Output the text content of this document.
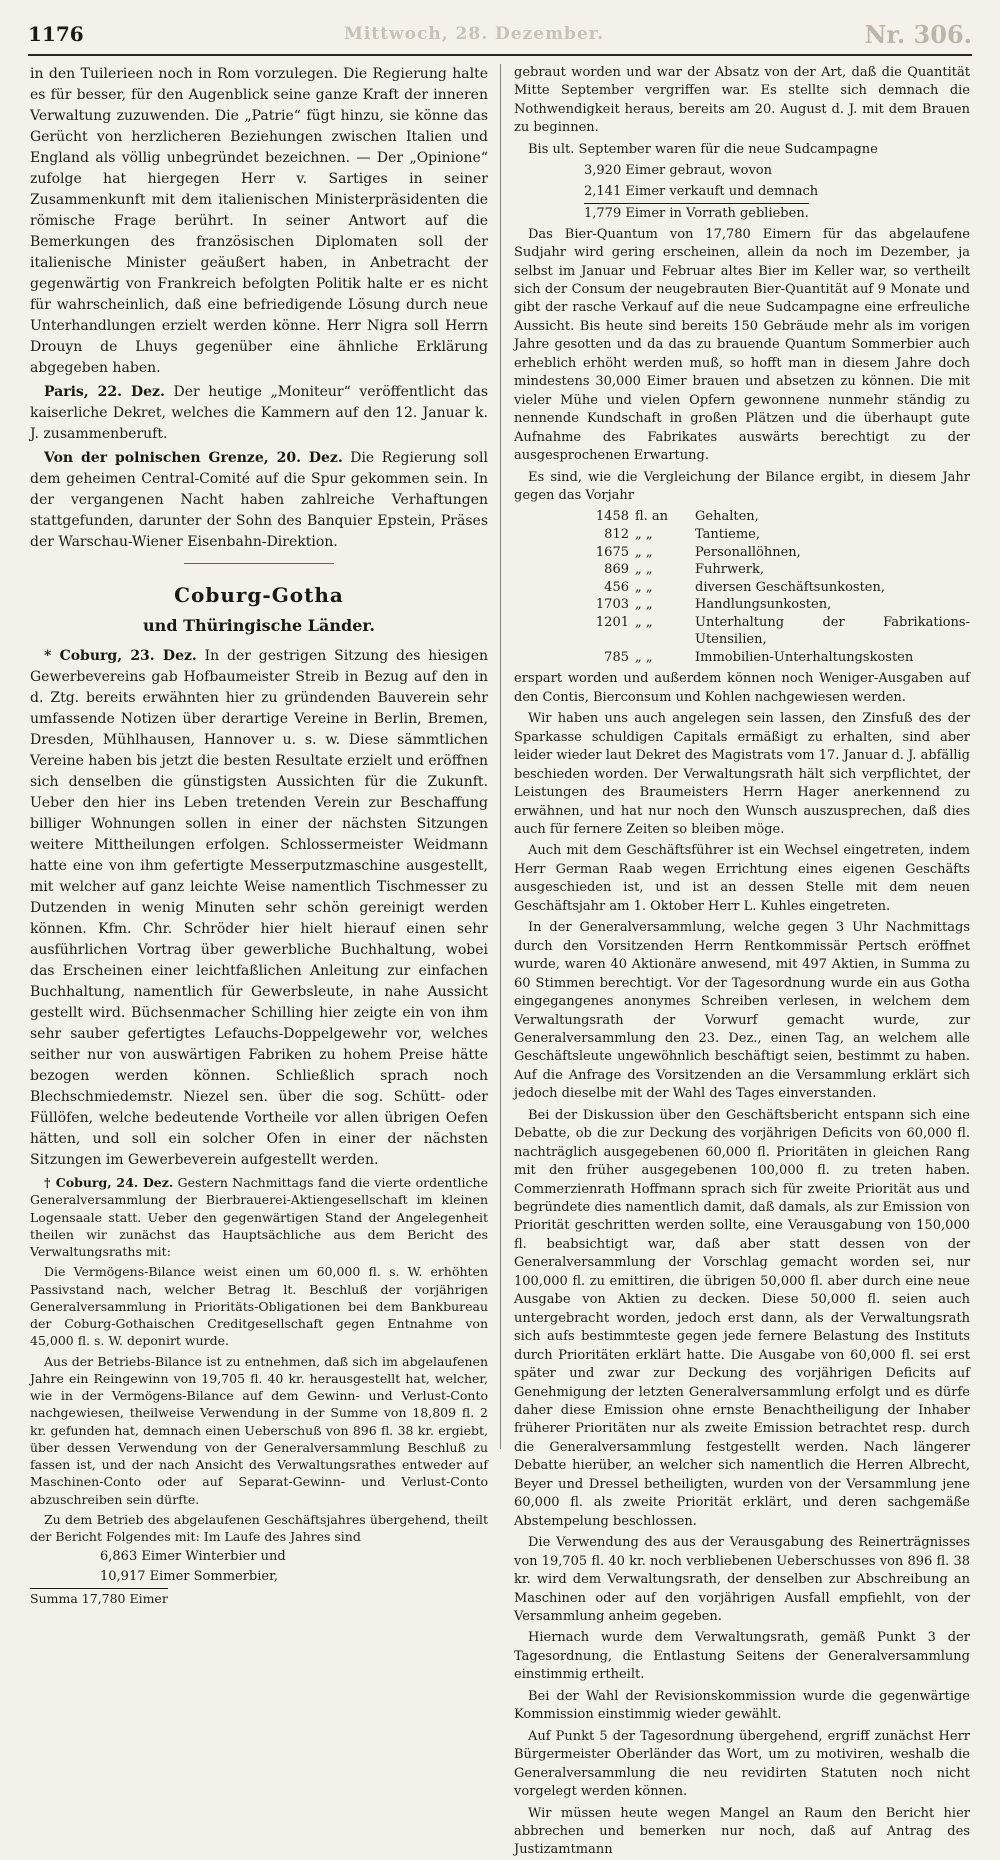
1176	Mittwoch, 28. Dezember.	Nr. 306.

in den Tuilerieen noch in Rom vorzulegen. Die Regierung halte es für besser, für den Augenblick seine ganze Kraft der inneren Verwaltung zuzuwenden. Die „Patrie“ fügt hinzu, sie könne das Gerücht von herzlicheren Beziehungen zwischen Italien und England als völlig unbegründet bezeichnen. — Der „Opinione“ zufolge hat hiergegen Herr v. Sartiges in seiner Zusammenkunft mit dem italienischen Ministerpräsidenten die römische Frage berührt. In seiner Antwort auf die Bemerkungen des französischen Diplomaten soll der italienische Minister geäußert haben, in Anbetracht der gegenwärtig von Frankreich befolgten Politik halte er es nicht für wahrscheinlich, daß eine befriedigende Lösung durch neue Unterhandlungen erzielt werden könne. Herr Nigra soll Herrn Drouyn de Lhuys gegenüber eine ähnliche Erklärung abgegeben haben.

Paris, 22. Dez. Der heutige „Moniteur“ veröffentlicht das kaiserliche Dekret, welches die Kammern auf den 12. Januar k. J. zusammenberuft.

Von der polnischen Grenze, 20. Dez. Die Regierung soll dem geheimen Central-Comité auf die Spur gekommen sein. In der vergangenen Nacht haben zahlreiche Verhaftungen stattgefunden, darunter der Sohn des Banquier Epstein, Präses der Warschau-Wiener Eisenbahn-Direktion.

Coburg-Gotha
und Thüringische Länder.

* Coburg, 23. Dez. In der gestrigen Sitzung des hiesigen Gewerbevereins gab Hofbaumeister Streib in Bezug auf den in d. Ztg. bereits erwähnten hier zu gründenden Bauverein sehr umfassende Notizen über derartige Vereine in Berlin, Bremen, Dresden, Mühlhausen, Hannover u. s. w. Diese sämmtlichen Vereine haben bis jetzt die besten Resultate erzielt und eröffnen sich denselben die günstigsten Aussichten für die Zukunft. Ueber den hier ins Leben tretenden Verein zur Beschaffung billiger Wohnungen sollen in einer der nächsten Sitzungen weitere Mittheilungen erfolgen. Schlossermeister Weidmann hatte eine von ihm gefertigte Messerputzmaschine ausgestellt, mit welcher auf ganz leichte Weise namentlich Tischmesser zu Dutzenden in wenig Minuten sehr schön gereinigt werden können. Kfm. Chr. Schröder hier hielt hierauf einen sehr ausführlichen Vortrag über gewerbliche Buchhaltung, wobei das Erscheinen einer leichtfaßlichen Anleitung zur einfachen Buchhaltung, namentlich für Gewerbsleute, in nahe Aussicht gestellt wird. Büchsenmacher Schilling hier zeigte ein von ihm sehr sauber gefertigtes Lefauchs-Doppelgewehr vor, welches seither nur von auswärtigen Fabriken zu hohem Preise hätte bezogen werden können. Schließlich sprach noch Blechschmiedemstr. Niezel sen. über die sog. Schütt- oder Füllöfen, welche bedeutende Vortheile vor allen übrigen Oefen hätten, und soll ein solcher Ofen in einer der nächsten Sitzungen im Gewerbeverein aufgestellt werden.

† Coburg, 24. Dez. Gestern Nachmittags fand die vierte ordentliche Generalversammlung der Bierbrauerei-Aktiengesellschaft im kleinen Logensaale statt. Ueber den gegenwärtigen Stand der Angelegenheit theilen wir zunächst das Hauptsächliche aus dem Bericht des Verwaltungsraths mit:

Die Vermögens-Bilance weist einen um 60,000 fl. s. W. erhöhten Passivstand nach, welcher Betrag lt. Beschluß der vorjährigen Generalversammlung in Prioritäts-Obligationen bei dem Bankbureau der Coburg-Gothaischen Creditgesellschaft gegen Entnahme von 45,000 fl. s. W. deponirt wurde.

Aus der Betriebs-Bilance ist zu entnehmen, daß sich im abgelaufenen Jahre ein Reingewinn von 19,705 fl. 40 kr. herausgestellt hat, welcher, wie in der Vermögens-Bilance auf dem Gewinn- und Verlust-Conto nachgewiesen, theilweise Verwendung in der Summe von 18,809 fl. 2 kr. gefunden hat, demnach einen Ueberschuß von 896 fl. 38 kr. ergiebt, über dessen Verwendung von der Generalversammlung Beschluß zu fassen ist, und der nach Ansicht des Verwaltungsrathes entweder auf Maschinen-Conto oder auf Separat-Gewinn- und Verlust-Conto abzuschreiben sein dürfte.

Zu dem Betrieb des abgelaufenen Geschäftsjahres übergehend, theilt der Bericht Folgendes mit: Im Laufe des Jahres sind

6,863 Eimer Winterbier und
10,917 Eimer Sommerbier,
Summa 17,780 Eimer

gebraut worden und war der Absatz von der Art, daß die Quantität Mitte September vergriffen war. Es stellte sich demnach die Nothwendigkeit heraus, bereits am 20. August d. J. mit dem Brauen zu beginnen.

Bis ult. September waren für die neue Sudcampagne

3,920 Eimer gebraut, wovon
2,141 Eimer verkauft und demnach
1,779 Eimer in Vorrath geblieben.

Das Bier-Quantum von 17,780 Eimern für das abgelaufene Sudjahr wird gering erscheinen, allein da noch im Dezember, ja selbst im Januar und Februar altes Bier im Keller war, so vertheilt sich der Consum der neugebrauten Bier-Quantität auf 9 Monate und gibt der rasche Verkauf auf die neue Sudcampagne eine erfreuliche Aussicht. Bis heute sind bereits 150 Gebräude mehr als im vorigen Jahre gesotten und da das zu brauende Quantum Sommerbier auch erheblich erhöht werden muß, so hofft man in diesem Jahre doch mindestens 30,000 Eimer brauen und absetzen zu können. Die mit vieler Mühe und vielen Opfern gewonnene nunmehr ständig zu nennende Kundschaft in großen Plätzen und die überhaupt gute Aufnahme des Fabrikates auswärts berechtigt zu der ausgesprochenen Erwartung.

Es sind, wie die Vergleichung der Bilance ergibt, in diesem Jahr gegen das Vorjahr

1458 fl. an	Gehalten,
812 „ „	Tantieme,
1675 „ „	Personallöhnen,
869 „ „	Fuhrwerk,
456 „ „	diversen Geschäftsunkosten,
1703 „ „	Handlungsunkosten,
1201 „ „	Unterhaltung der Fabrikations-Utensilien,
785 „ „	Immobilien-Unterhaltungskosten

erspart worden und außerdem können noch Weniger-Ausgaben auf den Contis, Bierconsum und Kohlen nachgewiesen werden.

Wir haben uns auch angelegen sein lassen, den Zinsfuß des der Sparkasse schuldigen Capitals ermäßigt zu erhalten, sind aber leider wieder laut Dekret des Magistrats vom 17. Januar d. J. abfällig beschieden worden. Der Verwaltungsrath hält sich verpflichtet, der Leistungen des Braumeisters Herrn Hager anerkennend zu erwähnen, und hat nur noch den Wunsch auszusprechen, daß dies auch für fernere Zeiten so bleiben möge.

Auch mit dem Geschäftsführer ist ein Wechsel eingetreten, indem Herr German Raab wegen Errichtung eines eigenen Geschäfts ausgeschieden ist, und ist an dessen Stelle mit dem neuen Geschäftsjahr am 1. Oktober Herr L. Kuhles eingetreten.

In der Generalversammlung, welche gegen 3 Uhr Nachmittags durch den Vorsitzenden Herrn Rentkommissär Pertsch eröffnet wurde, waren 40 Aktionäre anwesend, mit 497 Aktien, in Summa zu 60 Stimmen berechtigt. Vor der Tagesordnung wurde ein aus Gotha eingegangenes anonymes Schreiben verlesen, in welchem dem Verwaltungsrath der Vorwurf gemacht wurde, zur Generalversammlung den 23. Dez., einen Tag, an welchem alle Geschäftsleute ungewöhnlich beschäftigt seien, bestimmt zu haben. Auf die Anfrage des Vorsitzenden an die Versammlung erklärt sich jedoch dieselbe mit der Wahl des Tages einverstanden.

Bei der Diskussion über den Geschäftsbericht entspann sich eine Debatte, ob die zur Deckung des vorjährigen Deficits von 60,000 fl. nachträglich ausgegebenen 60,000 fl. Prioritäten in gleichen Rang mit den früher ausgegebenen 100,000 fl. zu treten haben. Commerzienrath Hoffmann sprach sich für zweite Priorität aus und begründete dies namentlich damit, daß damals, als zur Emission von Priorität geschritten werden sollte, eine Verausgabung von 150,000 fl. beabsichtigt war, daß aber statt dessen von der Generalversammlung der Vorschlag gemacht worden sei, nur 100,000 fl. zu emittiren, die übrigen 50,000 fl. aber durch eine neue Ausgabe von Aktien zu decken. Diese 50,000 fl. seien auch untergebracht worden, jedoch erst dann, als der Verwaltungsrath sich aufs bestimmteste gegen jede fernere Belastung des Instituts durch Prioritäten erklärt hatte. Die Ausgabe von 60,000 fl. sei erst später und zwar zur Deckung des vorjährigen Deficits auf Genehmigung der letzten Generalversammlung erfolgt und es dürfe daher diese Emission ohne ernste Benachtheiligung der Inhaber früherer Prioritäten nur als zweite Emission betrachtet resp. durch die Generalversammlung festgestellt werden. Nach längerer Debatte hierüber, an welcher sich namentlich die Herren Albrecht, Beyer und Dressel betheiligten, wurden von der Versammlung jene 60,000 fl. als zweite Priorität erklärt, und deren sachgemäße Abstempelung beschlossen.

Die Verwendung des aus der Verausgabung des Reinerträgnisses von 19,705 fl. 40 kr. noch verbliebenen Ueberschusses von 896 fl. 38 kr. wird dem Verwaltungsrath, der denselben zur Abschreibung an Maschinen oder auf den vorjährigen Ausfall empfiehlt, von der Versammlung anheim gegeben.

Hiernach wurde dem Verwaltungsrath, gemäß Punkt 3 der Tagesordnung, die Entlastung Seitens der Generalversammlung einstimmig ertheilt.

Bei der Wahl der Revisionskommission wurde die gegenwärtige Kommission einstimmig wieder gewählt.

Auf Punkt 5 der Tagesordnung übergehend, ergriff zunächst Herr Bürgermeister Oberländer das Wort, um zu motiviren, weshalb die Generalversammlung die neu revidirten Statuten noch nicht vorgelegt werden können.

Wir müssen heute wegen Mangel an Raum den Bericht hier abbrechen und bemerken nur noch, daß auf Antrag des Justizamtmann
